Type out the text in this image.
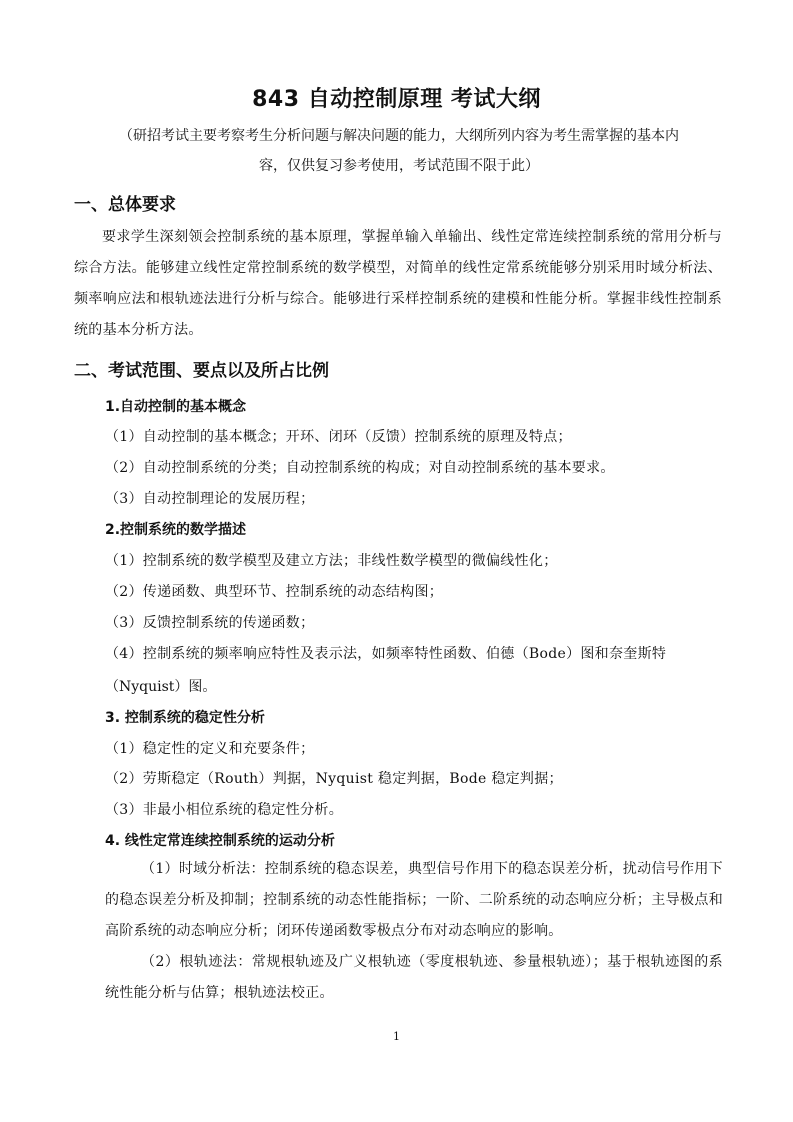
843 自动控制原理 考试大纲
（研招考试主要考察考生分析问题与解决问题的能力，大纲所列内容为考生需掌握的基本内
容，仅供复习参考使用，考试范围不限于此）
一、总体要求
要求学生深刻领会控制系统的基本原理，掌握单输入单输出、线性定常连续控制系统的常用分析与综合方法。能够建立线性定常控制系统的数学模型，对简单的线性定常系统能够分别采用时域分析法、频率响应法和根轨迹法进行分析与综合。能够进行采样控制系统的建模和性能分析。掌握非线性控制系统的基本分析方法。
二、考试范围、要点以及所占比例
1.自动控制的基本概念
（1）自动控制的基本概念；开环、闭环（反馈）控制系统的原理及特点；
（2）自动控制系统的分类；自动控制系统的构成；对自动控制系统的基本要求。
（3）自动控制理论的发展历程；
2.控制系统的数学描述
（1）控制系统的数学模型及建立方法；非线性数学模型的微偏线性化；
（2）传递函数、典型环节、控制系统的动态结构图；
（3）反馈控制系统的传递函数；
（4）控制系统的频率响应特性及表示法，如频率特性函数、伯德（Bode）图和奈奎斯特
（Nyquist）图。
3. 控制系统的稳定性分析
（1）稳定性的定义和充要条件；
（2）劳斯稳定（Routh）判据，Nyquist 稳定判据，Bode 稳定判据；
（3）非最小相位系统的稳定性分析。
4. 线性定常连续控制系统的运动分析
（1）时域分析法：控制系统的稳态误差，典型信号作用下的稳态误差分析，扰动信号作用下的稳态误差分析及抑制；控制系统的动态性能指标；一阶、二阶系统的动态响应分析；主导极点和高阶系统的动态响应分析；闭环传递函数零极点分布对动态响应的影响。
（2）根轨迹法：常规根轨迹及广义根轨迹（零度根轨迹、参量根轨迹）；基于根轨迹图的系统性能分析与估算；根轨迹法校正。
1
